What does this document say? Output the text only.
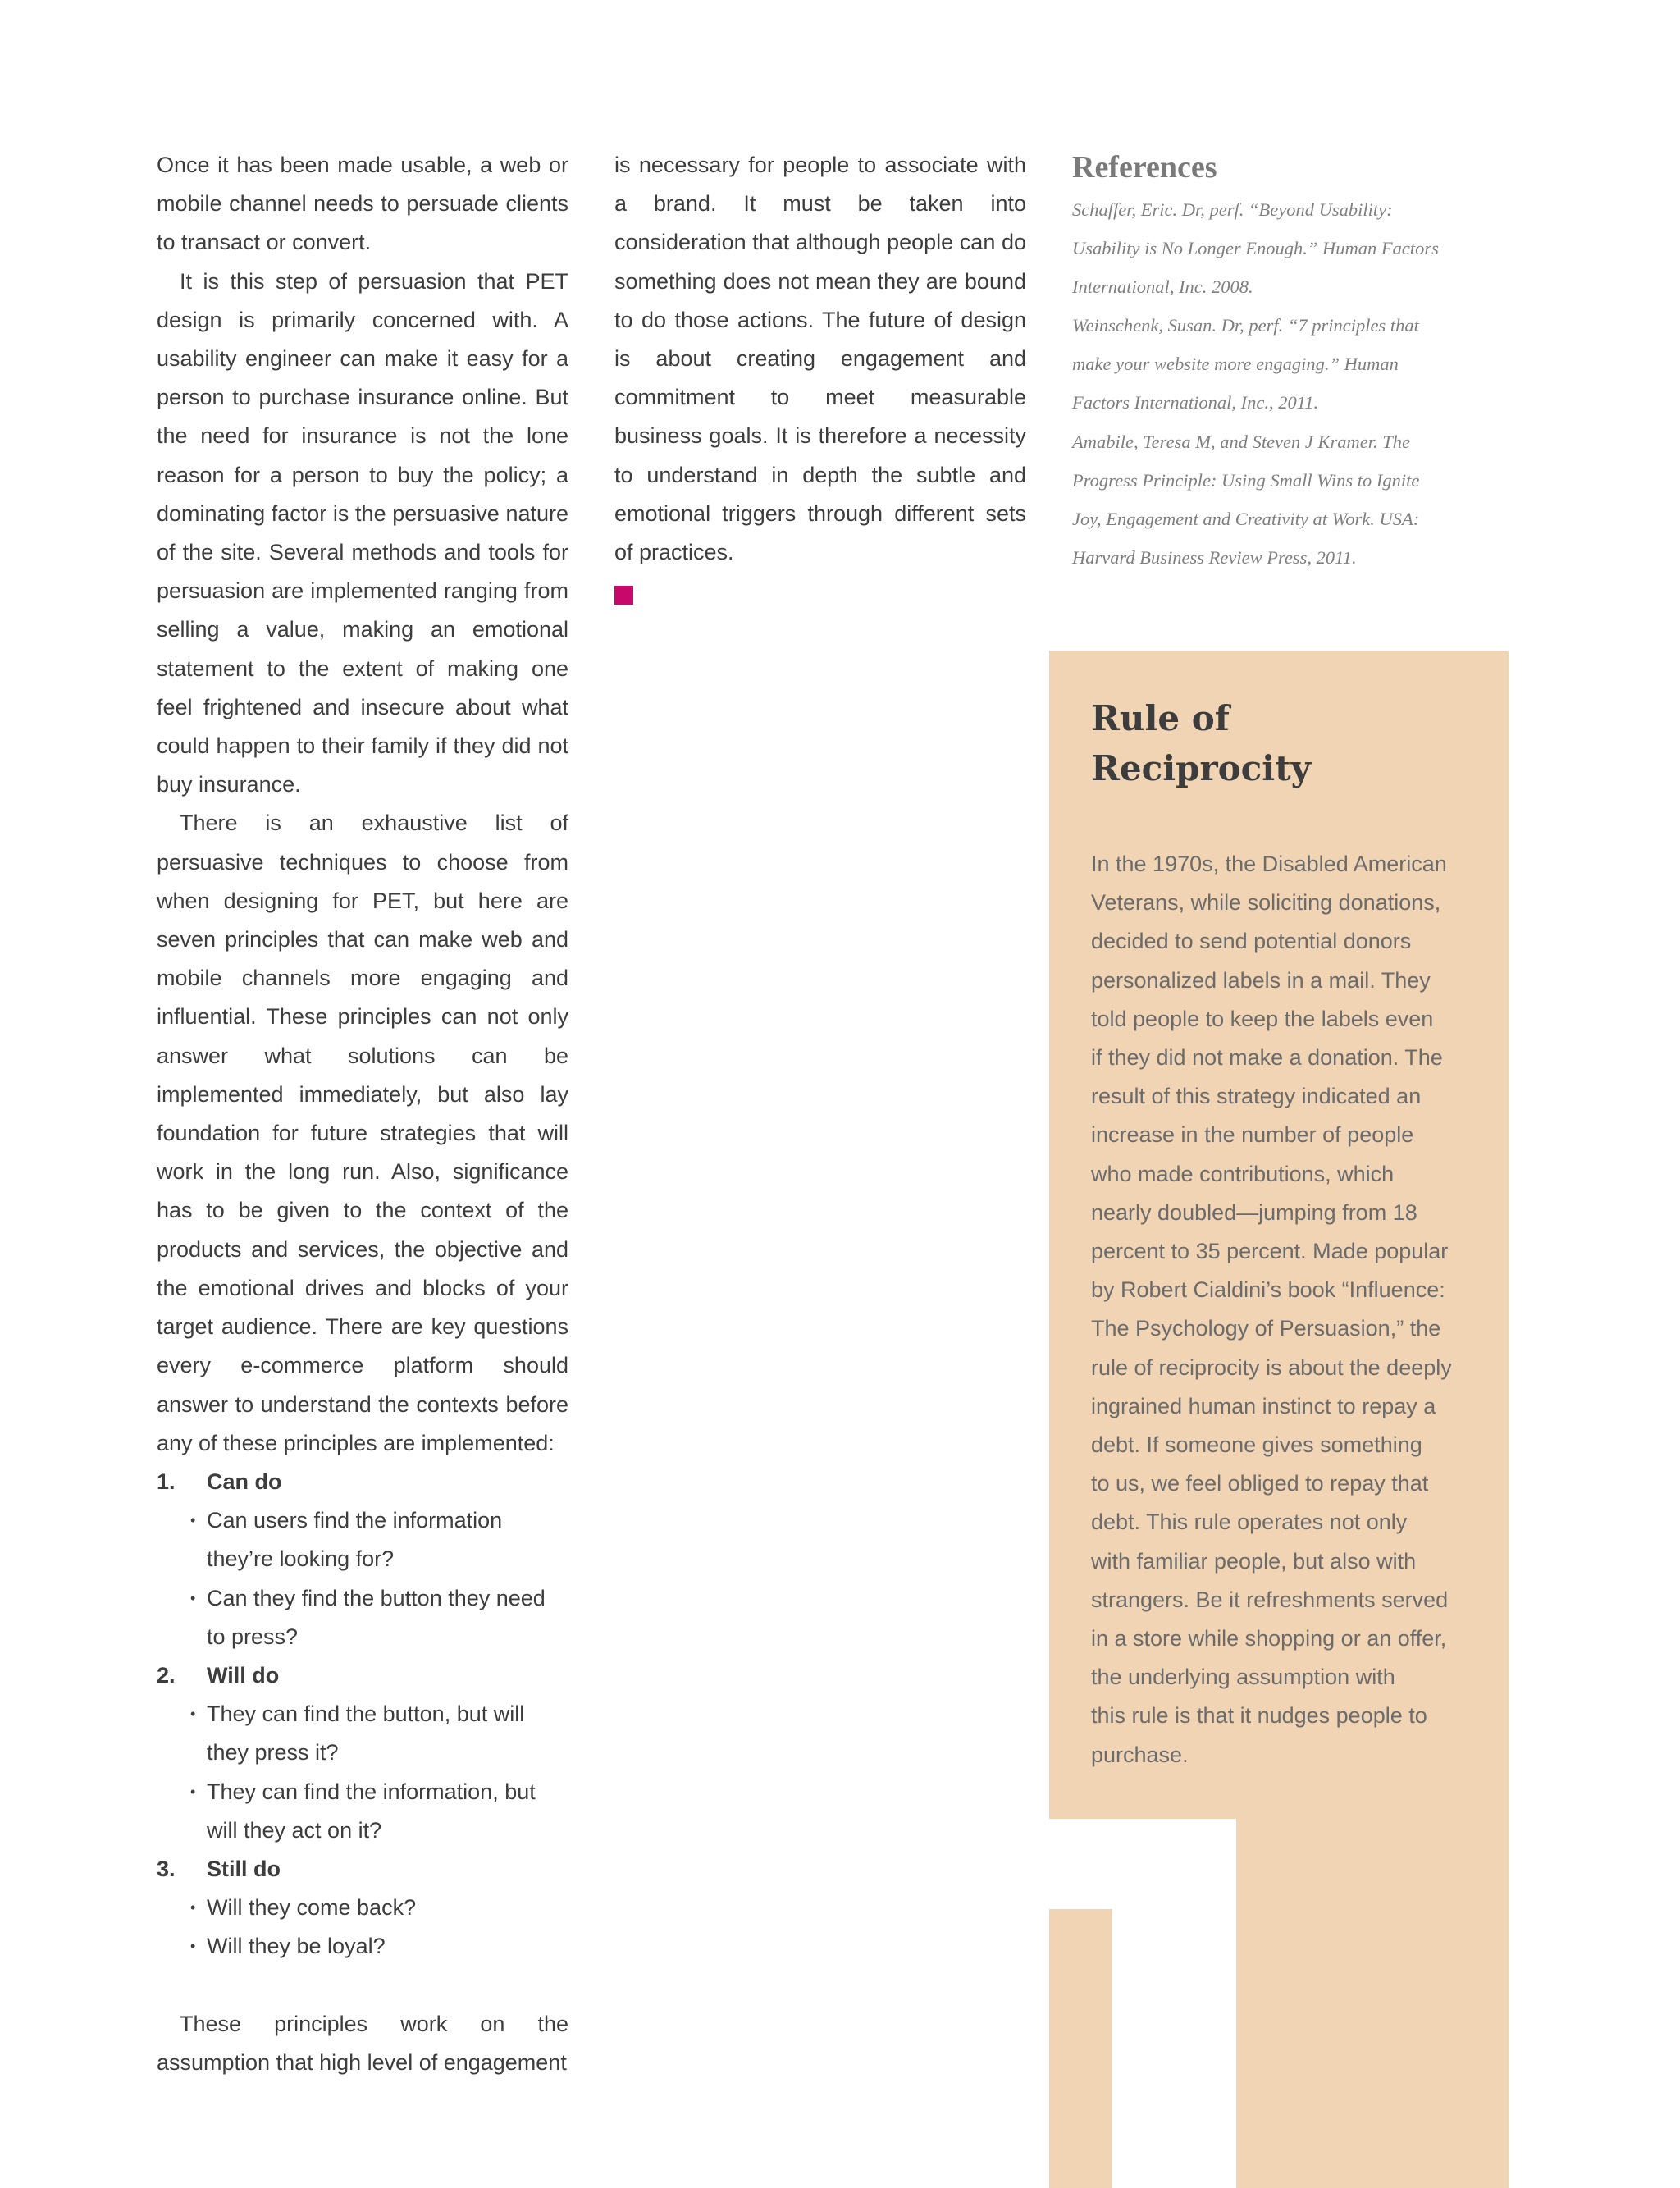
Once it has been made usable, a web or mobile channel needs to persuade clients to transact or convert.

It is this step of persuasion that PET design is primarily concerned with. A usability engineer can make it easy for a person to purchase insurance online. But the need for insurance is not the lone reason for a person to buy the policy; a dominating factor is the persuasive nature of the site. Several methods and tools for persuasion are implemented ranging from selling a value, making an emotional statement to the extent of making one feel frightened and insecure about what could happen to their family if they did not buy insurance.

There is an exhaustive list of persuasive techniques to choose from when designing for PET, but here are seven principles that can make web and mobile channels more engaging and influential. These principles can not only answer what solutions can be implemented immediately, but also lay foundation for future strategies that will work in the long run. Also, significance has to be given to the context of the products and services, the objective and the emotional drives and blocks of your target audience. There are key questions every e-commerce platform should answer to understand the contexts before any of these principles are implemented:

1. Can do
• Can users find the information they’re looking for?
• Can they find the button they need to press?
2. Will do
• They can find the button, but will they press it?
• They can find the information, but will they act on it?
3. Still do
• Will they come back?
• Will they be loyal?

These principles work on the assumption that high level of engagement

is necessary for people to associate with a brand. It must be taken into consideration that although people can do something does not mean they are bound to do those actions. The future of design is about creating engagement and commitment to meet measurable business goals. It is therefore a necessity to understand in depth the subtle and emotional triggers through different sets of practices.

References
Schaffer, Eric. Dr, perf. “Beyond Usability:
Usability is No Longer Enough.” Human Factors
International, Inc. 2008.
Weinschenk, Susan. Dr, perf. “7 principles that
make your website more engaging.” Human
Factors International, Inc., 2011.
Amabile, Teresa M, and Steven J Kramer. The
Progress Principle: Using Small Wins to Ignite
Joy, Engagement and Creativity at Work. USA:
Harvard Business Review Press, 2011.
Rule of
Reciprocity
In the 1970s, the Disabled American
Veterans, while soliciting donations,
decided to send potential donors
personalized labels in a mail. They
told people to keep the labels even
if they did not make a donation. The
result of this strategy indicated an
increase in the number of people
who made contributions, which
nearly doubled—jumping from 18
percent to 35 percent. Made popular
by Robert Cialdini’s book “Influence:
The Psychology of Persuasion,” the
rule of reciprocity is about the deeply
ingrained human instinct to repay a
debt. If someone gives something
to us, we feel obliged to repay that
debt. This rule operates not only
with familiar people, but also with
strangers. Be it refreshments served
in a store while shopping or an offer,
the underlying assumption with
this rule is that it nudges people to
purchase.
